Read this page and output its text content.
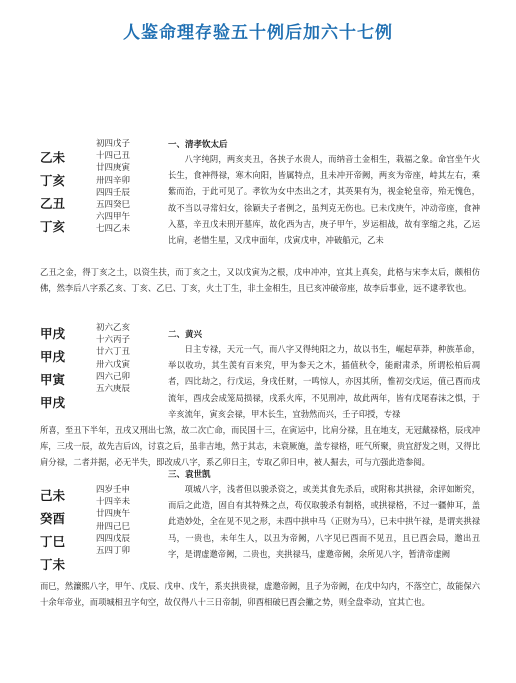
人鉴命理存验五十例后加六十七例
乙未
丁亥
乙丑
丁亥
初四戊子
十四己丑
廿四庚寅
卅四辛卯
四四壬辰
五四癸巳
六四甲午
七四乙未
一、清孝钦太后
八字纯阴，两亥夹丑，各挟子水贵人，而纳音土金相生，栽福之象。命宫坐午火长生，食神得禄，寒木向阳，皆属特点，且未冲开帝阙，两亥为帝座，峙其左右，乘紫而治，于此可见了。孝钦为女中杰出之才，其英果有为，视金轮皇帝，殆无愧色，故不当以寻常妇女，徐颖夫子者例之，虽判克无伤也。已未戊庚午，冲动帝座，食神入墓，辛丑戊未刑开墓库，故化西为吉，庚子甲午，岁运相战，故有挛缩之兆，乙运比肩，老惜生星，又戊申面年，戊寅戊申，冲破船元，乙未
乙丑之金，得丁亥之土，以资生扶，而丁亥之土，又以戊寅为之根，戊申冲冲，宜其上真矣，此格与宋李太后，颇相仿佛，然李后八字系乙亥、丁亥、乙巳、丁亥，火土丁生，非土金相生，且已亥冲破帝座，故李后事业，远不逮孝钦也。
甲戌
甲戌
甲寅
甲戌
初六乙亥
十六丙子
廿六丁丑
卅六戊寅
四六己卯
五六庚辰
二、黄兴
日主专禄，天元一气，而八字又得纯阳之力，故以书生，崛起草莽，种族革命，举以收功，其生羡有百来究，甲为参天之木，插值秋令，能耐肃杀，所谓松柏后凋者，四比劫之，行戊运，身戌任财，一鸣惊人，亦因其所，惟初交戊运，值己酉而戌流年，酉戌会成笼局损禄，戌系火库，不见刑冲，故此两年，皆有戊尾春沫之惧，于辛亥流年，寅亥会禄，甲木长生，宜勃然而兴，壬子印授，专禄
所喜，至丑下半年，丑戌又刑出七煞，故二次亡命，而民国十三，在寅运中，比肩分禄，且在地支，无冠戴禄格，辰戌冲库，三戌一辰，故先吉后凶，讨袁之后，虽非吉地，然于其志，未衰厥施，盖专禄格，旺气所聚，贵宜舒发之则，又得比肩分禄，二者并据，必无半失，即改成八字，系乙卯日主，专取乙卯日申，被人掘去，可与亢强此造参阅。
己未
癸酉
丁巳
丁未
四岁壬申
十四辛未
廿四庚午
卅四己巳
四四戊辰
五四丁卯
三、袁世凯
项城八字，浅者但以骏杀资之，或美其食先杀后，或附称其拱禄，余评如断究，而后之此造，固自有其特殊之点，苟仅取骏杀有制格，或拱禄格，不过一疆伸耳，盖此造妙处，全在见不见之形，未酉中拱申马（正财为马），已未中拱午禄，是谓夹拱禄马，一贵也，未年生人，以丑为帝阙，八字见已酉而不见丑，且已酉会局，邀出丑字，是谓虚邀帝阙，二贵也，夹拱禄马，虚邀帝阙，余所见八字，暂清帝虚阙
而巳，然濂熙八字，甲午、戊辰、戊申、戊午，系夹拱贵禄，虚邀帝阙，且子为帝阙，在戊中勾内，不落空亡，故能保六十余年帝业，而项城相丑字旬空，故仅得八十三日帝制，卯酉相破巳酉会撇之势，则全盘牵动，宜其亡也。
